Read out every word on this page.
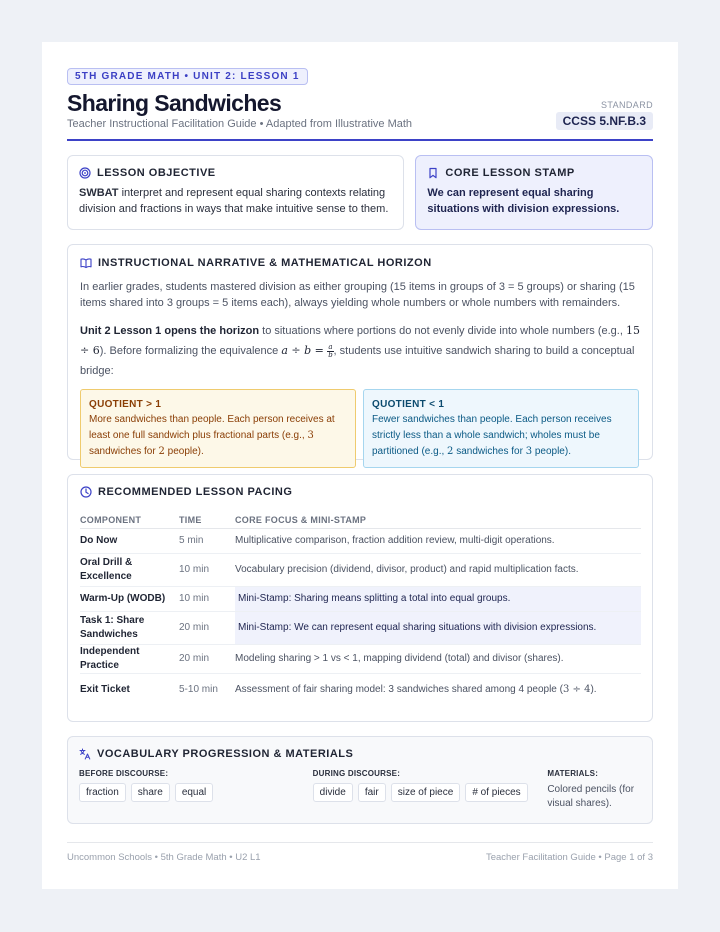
5TH GRADE MATH • UNIT 2: LESSON 1
Sharing Sandwiches
Teacher Instructional Facilitation Guide • Adapted from Illustrative Math
STANDARD
CCSS 5.NF.B.3
LESSON OBJECTIVE
SWBAT interpret and represent equal sharing contexts relating division and fractions in ways that make intuitive sense to them.
CORE LESSON STAMP
We can represent equal sharing situations with division expressions.
INSTRUCTIONAL NARRATIVE & MATHEMATICAL HORIZON
In earlier grades, students mastered division as either grouping (15 items in groups of 3 = 5 groups) or sharing (15 items shared into 3 groups = 5 items each), always yielding whole numbers or whole numbers with remainders.
Unit 2 Lesson 1 opens the horizon to situations where portions do not evenly divide into whole numbers (e.g., 15 ÷ 6). Before formalizing the equivalence $a \div b = \frac{a}{b}$ , students use intuitive sandwich sharing to build a conceptual bridge:
QUOTIENT > 1
More sandwiches than people. Each person receives at least one full sandwich plus fractional parts (e.g., 3 sandwiches for 2 people).
QUOTIENT < 1
Fewer sandwiches than people. Each person receives strictly less than a whole sandwich; wholes must be partitioned (e.g., 2 sandwiches for 3 people).
RECOMMENDED LESSON PACING
COMPONENT	TIME	CORE FOCUS & MINI-STAMP
Do Now	5 min	Multiplicative comparison, fraction addition review, multi-digit operations.
Oral Drill & Excellence	10 min	Vocabulary precision (dividend, divisor, product) and rapid multiplication facts.
Warm-Up (WODB)	10 min	Mini-Stamp: Sharing means splitting a total into equal groups.
Task 1: Share Sandwiches	20 min	Mini-Stamp: We can represent equal sharing situations with division expressions.
Independent Practice	20 min	Modeling sharing > 1 vs < 1, mapping dividend (total) and divisor (shares).
Exit Ticket	5-10 min	Assessment of fair sharing model: 3 sandwiches shared among 4 people (3 ÷ 4).
VOCABULARY PROGRESSION & MATERIALS
BEFORE DISCOURSE:
fraction	share	equal
DURING DISCOURSE:
divide	fair	size of piece	# of pieces
MATERIALS:
Colored pencils (for visual shares).
Uncommon Schools • 5th Grade Math • U2 L1	Teacher Facilitation Guide • Page 1 of 3
